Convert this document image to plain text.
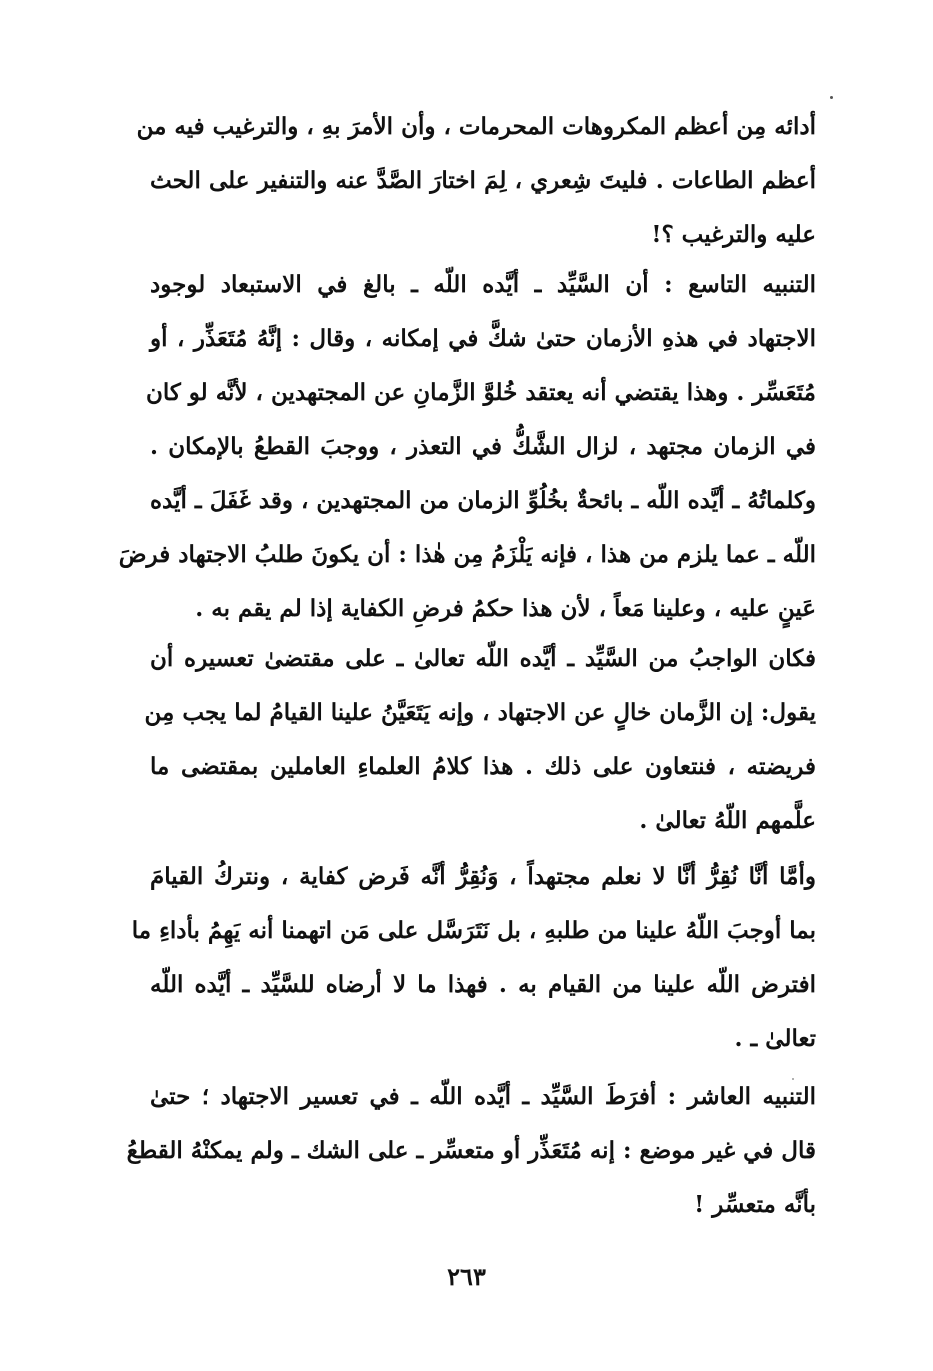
أدائه مِن أعظم المكروهات المحرمات ، وأن الأمرَ بهِ ، والترغيب فيه من
أعظم الطاعات . فليتَ شِعري ، لِمَ اختارَ الصَّدَّ عنه والتنفير على الحث
عليه والترغيب ؟!
التنبيه التاسع : أن السَّيِّد ـ أيَّده اللّه ـ بالغ في الاستبعاد لوجود
الاجتهاد في هذهِ الأزمان حتىٰ شكَّ في إمكانه ، وقال : إنَّهُ مُتَعَذِّر ، أو
مُتَعَسِّر . وهذا يقتضي أنه يعتقد خُلوَّ الزَّمانِ عن المجتهدين ، لأنَّه لو كان
في الزمان مجتهد ، لزال الشَّكُّ في التعذر ، ووجبَ القطعُ بالإمكان .
وكلماتُهُ ـ أيَّده اللّه ـ بائحةٌ بخُلُوِّ الزمان من المجتهدين ، وقد غَفَلَ ـ أيَّده
اللّه ـ عما يلزم من هذا ، فإنه يَلْزَمُ مِن هٰذا : أن يكونَ طلبُ الاجتهاد فرضَ
عَينٍ عليه ، وعلينا مَعاً ، لأن هذا حكمُ فرضِ الكفاية إذا لم يقم به .
فكان الواجبُ من السَّيِّد ـ أيَّده اللّه تعالىٰ ـ على مقتضىٰ تعسيره أن
يقول: إن الزَّمان خالٍ عن الاجتهاد ، وإنه يَتَعَيَّنُ علينا القيامُ لما يجب مِن
فريضته ، فنتعاون على ذلك . هذا كلامُ العلماءِ العاملين بمقتضى ما
علَّمهم اللّهُ تعالىٰ .
وأمَّا أنَّا نُقِرُّ أنَّا لا نعلم مجتهداً ، وَنُقِرُّ أنَّه فَرض كفاية ، ونتركُ القيامَ
بما أوجبَ اللّهُ علينا من طلبهِ ، بل نَتَرَسَّل على مَن اتهمنا أنه يَهِمُ بأداءِ ما
افترض اللّه علينا من القيام به . فهذا ما لا أرضاه للسَّيِّد ـ أيَّده اللّه
تعالىٰ ـ .
التنبيه العاشر : أفرَطَ السَّيِّد ـ أيَّده اللّه ـ في تعسير الاجتهاد ؛ حتىٰ
قال في غير موضع : إنه مُتَعَذِّر أو متعسِّر ـ على الشك ـ ولم يمكنْهُ القطعُ
بأنَّه متعسِّر !
٢٦٣
